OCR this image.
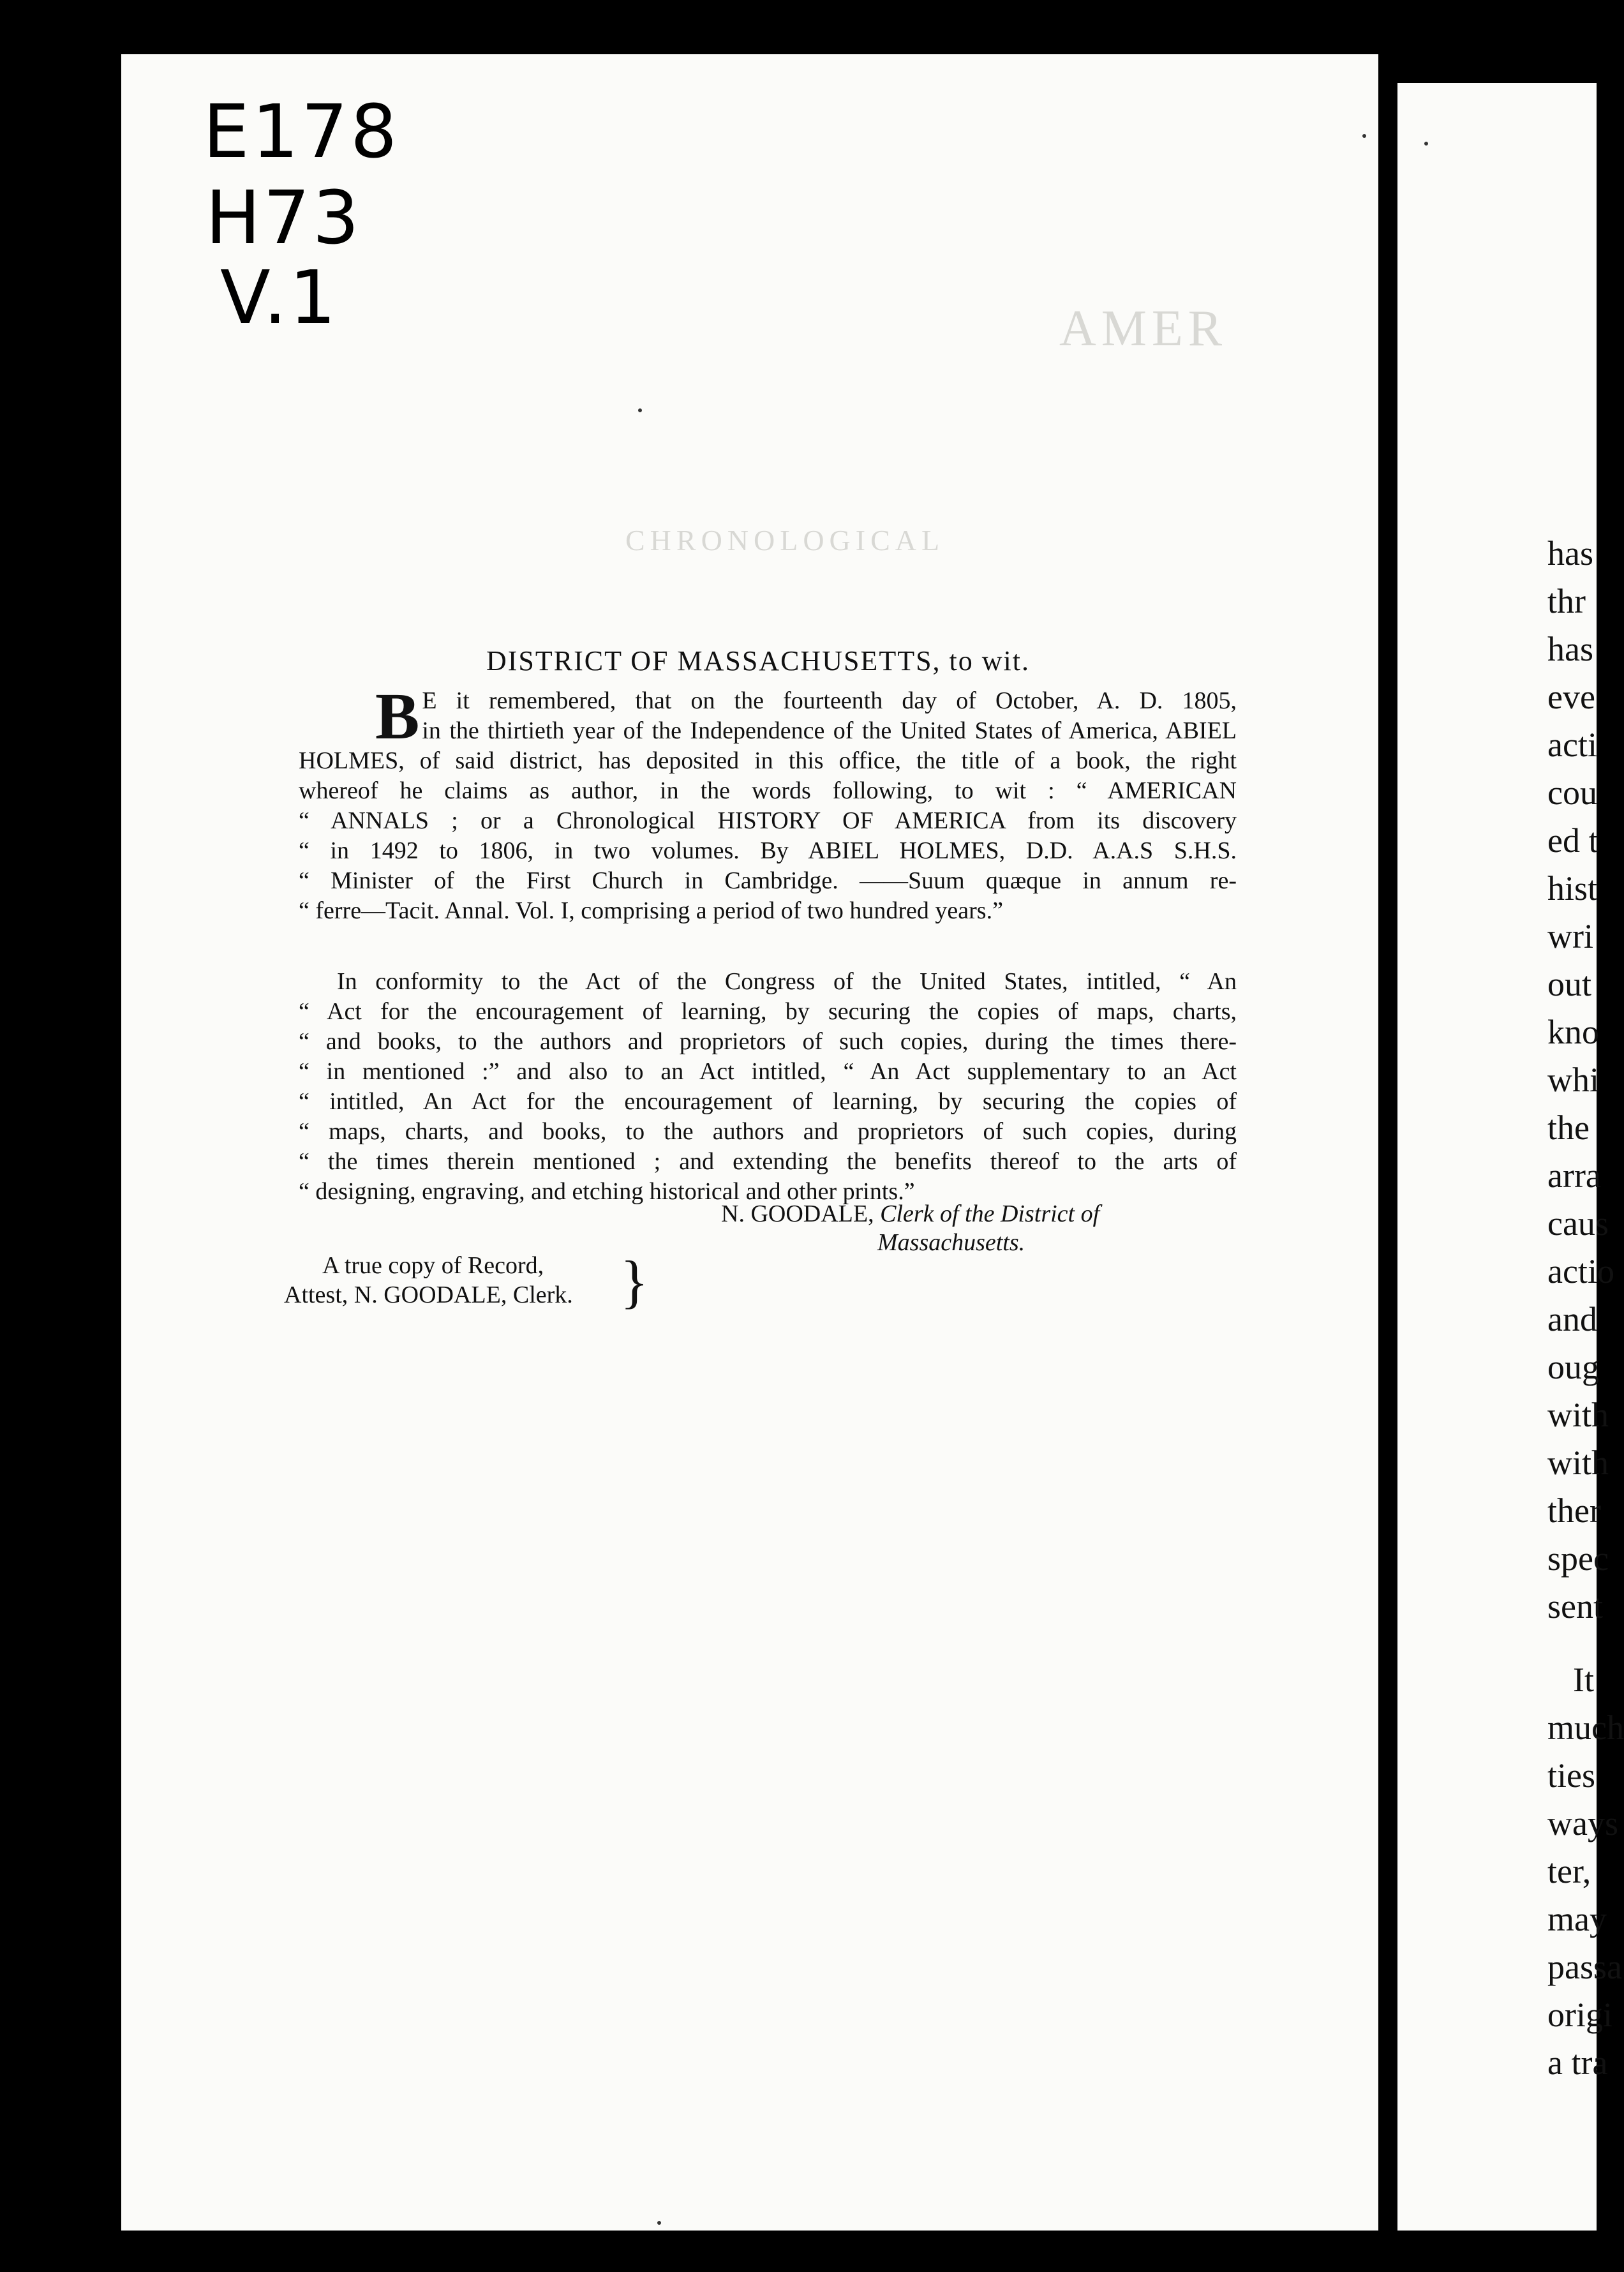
AMER
CHRONOLOGICAL
E178
H73
V.1
DISTRICT OF MASSACHUSETTS, to wit.
B E it remembered, that on the fourteenth day of October, A. D. 1805,
in the thirtieth year of the Independence of the United States of America, ABIEL
HOLMES, of said district, has deposited in this office, the title of a book, the right
whereof he claims as author, in the words following, to wit : “ AMERICAN
“ ANNALS ; or a Chronological HISTORY OF AMERICA from its discovery
“ in 1492 to 1806, in two volumes. By ABIEL HOLMES, D.D. A.A.S S.H.S.
“ Minister of the First Church in Cambridge. ——Suum quæque in annum re-
“ ferre—Tacit. Annal. Vol. I, comprising a period of two hundred years.”
In conformity to the Act of the Congress of the United States, intitled, “ An
“ Act for the encouragement of learning, by securing the copies of maps, charts,
“ and books, to the authors and proprietors of such copies, during the times there-
“ in mentioned :” and also to an Act intitled, “ An Act supplementary to an Act
“ intitled, An Act for the encouragement of learning, by securing the copies of
“ maps, charts, and books, to the authors and proprietors of such copies, during
“ the times therein mentioned ; and extending the benefits thereof to the arts of
“ designing, engraving, and etching historical and other prints.”
N. GOODALE, Clerk of the District of
Massachusetts.
A true copy of Record,
Attest, N. GOODALE, Clerk. }
has
thr
has
eve
acti
cou
ed t
hist
wri
out
kno
whi
the
arra
caus
actio
and
oug
with
with
ther
spec
sent
It
much
ties
ways
ter,
may
passa
origi
a tra
